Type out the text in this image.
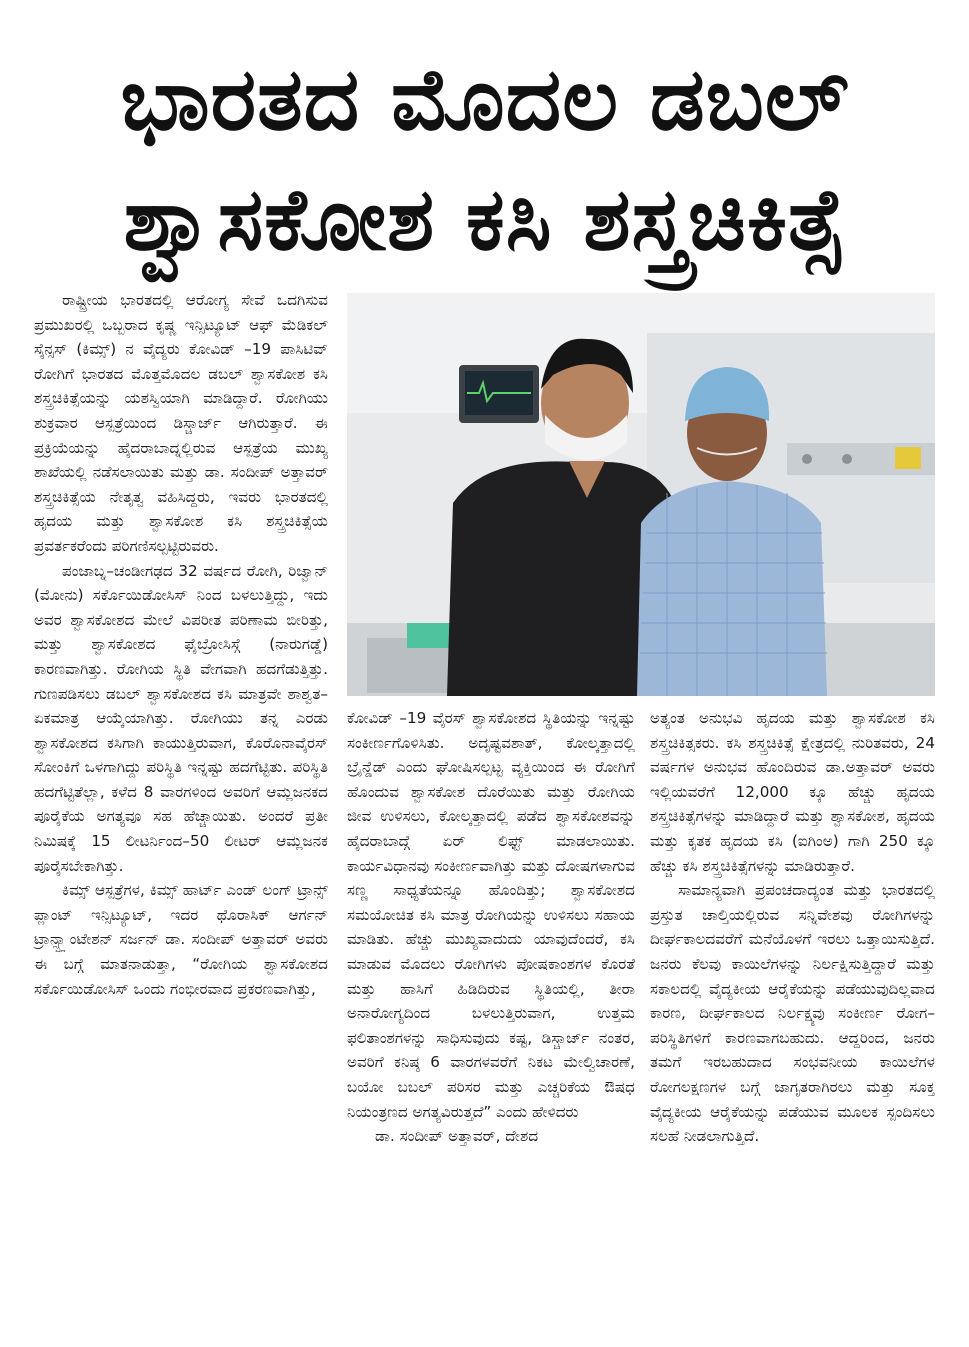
ಭಾರತದ ಮೊದಲ ಡಬಲ್
ಶ್ವಾಸಕೋಶ ಕಸಿ ಶಸ್ತ್ರಚಿಕಿತ್ಸೆ

ರಾಷ್ಟ್ರೀಯ ಭಾರತದಲ್ಲಿ ಆರೋಗ್ಯ ಸೇವೆ ಒದಗಿಸುವ ಪ್ರಮುಖರಲ್ಲಿ ಒಬ್ಬರಾದ ಕೃಷ್ಣ ಇನ್ಸಿಟ್ಯೂಟ್ ಆಫ್ ಮೆಡಿಕಲ್ ಸೈನ್ಸಸ್ (ಕಿಮ್ಸ್) ನ ವೈದ್ಯರು ಕೋವಿಡ್ –19 ಪಾಸಿಟಿವ್ ರೋಗಿಗೆ ಭಾರತದ ಮೊತ್ತಮೊದಲ ಡಬಲ್ ಶ್ವಾಸಕೋಶ ಕಸಿ ಶಸ್ತ್ರಚಿಕಿತ್ಸೆಯನ್ನು ಯಶಸ್ವಿಯಾಗಿ ಮಾಡಿದ್ದಾರೆ. ರೋಗಿಯು ಶುಕ್ರವಾರ ಆಸ್ಪತ್ರೆಯಿಂದ ಡಿಸ್ಚಾರ್ಜ್ ಆಗಿರುತ್ತಾರೆ. ಈ ಪ್ರಕ್ರಿಯೆಯನ್ನು ಹೈದರಾಬಾದ್ನಲ್ಲಿರುವ ಆಸ್ಪತ್ರೆಯ ಮುಖ್ಯ ಶಾಖೆಯಲ್ಲಿ ನಡೆಸಲಾಯಿತು ಮತ್ತು ಡಾ. ಸಂದೀಪ್ ಅತ್ತಾವರ್ ಶಸ್ತ್ರಚಿಕಿತ್ಸೆಯ ನೇತೃತ್ವ ವಹಿಸಿದ್ದರು, ಇವರು ಭಾರತದಲ್ಲಿ ಹೃದಯ ಮತ್ತು ಶ್ವಾಸಕೋಶ ಕಸಿ ಶಸ್ತ್ರಚಿಕಿತ್ಸೆಯ ಪ್ರವರ್ತಕರೆಂದು ಪರಿಗಣಿಸಲ್ಪಟ್ಟಿರುವರು.

ಪಂಜಾಬ್ನ–ಚಂಡೀಗಢದ 32 ವರ್ಷದ ರೋಗಿ, ರಿಜ್ವಾನ್ (ಮೋನು) ಸರ್ಕೊಯಿಡೋಸಿಸ್ ನಿಂದ ಬಳಲುತ್ತಿದ್ದು, ಇದು ಅವರ ಶ್ವಾಸಕೋಶದ ಮೇಲೆ ವಿಪರೀತ ಪರಿಣಾಮ ಬೀರಿತ್ತು, ಮತ್ತು ಶ್ವಾಸಕೋಶದ ಫೈಬ್ರೋಸಿಸ್ಗೆ (ನಾರುಗಡ್ಡೆ) ಕಾರಣವಾಗಿತ್ತು. ರೋಗಿಯ ಸ್ಥಿತಿ ವೇಗವಾಗಿ ಹದಗೆಡುತ್ತಿತ್ತು. ಗುಣಪಡಿಸಲು ಡಬಲ್ ಶ್ವಾಸಕೋಶದ ಕಸಿ ಮಾತ್ರವೇ ಶಾಶ್ವತ–ಏಕಮಾತ್ರ ಆಯ್ಕೆಯಾಗಿತ್ತು. ರೋಗಿಯು ತನ್ನ ಎರಡು ಶ್ವಾಸಕೋಶದ ಕಸಿಗಾಗಿ ಕಾಯುತ್ತಿರುವಾಗ, ಕೊರೊನಾವೈರಸ್ ಸೋಂಕಿಗೆ ಒಳಗಾಗಿದ್ದು ಪರಿಸ್ಥಿತಿ ಇನ್ನಷ್ಟು ಹದಗೆಟ್ಟಿತು. ಪರಿಸ್ಥಿತಿ ಹದಗೆಟ್ಟಿತೆಲ್ಲಾ, ಕಳೆದ 8 ವಾರಗಳಿಂದ ಅವರಿಗೆ ಆಮ್ಲಜನಕದ ಪೂರೈಕೆಯ ಅಗತ್ಯವೂ ಸಹ ಹೆಚ್ಚಾಯಿತು. ಅಂದರೆ ಪ್ರತೀ ನಿಮಿಷಕ್ಕೆ 15 ಲೀಟರ್ನಿಂದ–50 ಲೀಟರ್ ಆಮ್ಲಜನಕ ಪೂರೈಸಬೇಕಾಗಿತ್ತು.

ಕಿಮ್ಸ್ ಆಸ್ಪತ್ರೆಗಳ, ಕಿಮ್ಸ್ ಹಾರ್ಟ್ ಎಂಡ್ ಲಂಗ್ ಟ್ರಾನ್ಸ್ ಪ್ಲಾಂಟ್ ಇನ್ಸಿಟ್ಯೂಟ್, ಇದರ ಥೊರಾಸಿಕ್ ಆರ್ಗನ್ ಟ್ರಾನ್ಸ್ಪ್ಲಾಂಟೇಶನ್ ಸರ್ಜನ್ ಡಾ. ಸಂದೀಪ್ ಅತ್ತಾವರ್ ಅವರು ಈ ಬಗ್ಗೆ ಮಾತನಾಡುತ್ತಾ, “ರೋಗಿಯ ಶ್ವಾಸಕೋಶದ ಸರ್ಕೊಯಿಡೋಸಿಸ್ ಒಂದು ಗಂಭೀರವಾದ ಪ್ರಕರಣವಾಗಿತ್ತು,

ಕೋವಿಡ್ –19 ವೈರಸ್ ಶ್ವಾಸಕೋಶದ ಸ್ಥಿತಿಯನ್ನು ಇನ್ನಷ್ಟು ಸಂಕೀರ್ಣಗೊಳಿಸಿತು. ಅದೃಷ್ಟವಶಾತ್, ಕೋಲ್ಕತ್ತಾದಲ್ಲಿ ಬ್ರೈನ್ಡೆಡ್ ಎಂದು ಘೋಷಿಸಲ್ಪಟ್ಟ ವ್ಯಕ್ತಿಯಿಂದ ಈ ರೋಗಿಗೆ ಹೊಂದುವ ಶ್ವಾಸಕೋಶ ದೊರೆಯಿತು ಮತ್ತು ರೋಗಿಯ ಜೀವ ಉಳಿಸಲು, ಕೋಲ್ಕತ್ತಾದಲ್ಲಿ ಪಡೆದ ಶ್ವಾಸಕೋಶವನ್ನು ಹೈದರಾಬಾದ್ಗೆ ಏರ್ ಲಿಫ್ಟ್ ಮಾಡಲಾಯಿತು. ಕಾರ್ಯವಿಧಾನವು ಸಂಕೀರ್ಣವಾಗಿತ್ತು ಮತ್ತು ದೋಷಗಳಾಗುವ ಸಣ್ಣ ಸಾಧ್ಯತೆಯನ್ನೂ ಹೊಂದಿತ್ತು; ಶ್ವಾಸಕೋಶದ ಸಮಯೋಚಿತ ಕಸಿ ಮಾತ್ರ ರೋಗಿಯನ್ನು ಉಳಿಸಲು ಸಹಾಯ ಮಾಡಿತು. ಹೆಚ್ಚು ಮುಖ್ಯವಾದುದು ಯಾವುದೆಂದರೆ, ಕಸಿ ಮಾಡುವ ಮೊದಲು ರೋಗಿಗಳು ಪೋಷಕಾಂಶಗಳ ಕೊರತೆ ಮತ್ತು ಹಾಸಿಗೆ ಹಿಡಿದಿರುವ ಸ್ಥಿತಿಯಲ್ಲಿ, ತೀರಾ ಅನಾರೋಗ್ಯದಿಂದ ಬಳಲುತ್ತಿರುವಾಗ, ಉತ್ತಮ ಫಲಿತಾಂಶಗಳನ್ನು ಸಾಧಿಸುವುದು ಕಷ್ಟ, ಡಿಸ್ಚಾರ್ಜ್ ನಂತರ, ಅವರಿಗೆ ಕನಿಷ್ಠ 6 ವಾರಗಳವರೆಗೆ ನಿಕಟ ಮೇಲ್ವಿಚಾರಣೆ, ಬಯೋ ಬಬಲ್ ಪರಿಸರ ಮತ್ತು ಎಚ್ಚರಿಕೆಯ ಔಷಧ ನಿಯಂತ್ರಣದ ಅಗತ್ಯವಿರುತ್ತದೆ” ಎಂದು ಹೇಳಿದರು

ಡಾ. ಸಂದೀಪ್ ಅತ್ತಾವರ್, ದೇಶದ

ಅತ್ಯಂತ ಅನುಭವಿ ಹೃದಯ ಮತ್ತು ಶ್ವಾಸಕೋಶ ಕಸಿ ಶಸ್ತ್ರಚಿಕಿತ್ಸಕರು. ಕಸಿ ಶಸ್ತ್ರಚಿಕಿತ್ಸೆ ಕ್ಷೇತ್ರದಲ್ಲಿ ನುರಿತವರು, 24 ವರ್ಷಗಳ ಅನುಭವ ಹೊಂದಿರುವ ಡಾ.ಅತ್ತಾವರ್ ಅವರು ಇಲ್ಲಿಯವರೆಗೆ 12,000 ಕ್ಕೂ ಹೆಚ್ಚು ಹೃದಯ ಶಸ್ತ್ರಚಿಕಿತ್ಸೆಗಳನ್ನು ಮಾಡಿದ್ದಾರೆ ಮತ್ತು ಶ್ವಾಸಕೋಶ, ಹೃದಯ ಮತ್ತು ಕೃತಕ ಹೃದಯ ಕಸಿ (ಐಗಿಂಅ) ಗಾಗಿ 250 ಕ್ಕೂ ಹೆಚ್ಚು ಕಸಿ ಶಸ್ತ್ರಚಿಕಿತ್ಸೆಗಳನ್ನು ಮಾಡಿರುತ್ತಾರೆ.

ಸಾಮಾನ್ಯವಾಗಿ ಪ್ರಪಂಚದಾದ್ಯಂತ ಮತ್ತು ಭಾರತದಲ್ಲಿ ಪ್ರಸ್ತುತ ಚಾಲ್ತಿಯಲ್ಲಿರುವ ಸನ್ನಿವೇಶವು ರೋಗಿಗಳನ್ನು ದೀರ್ಘಕಾಲದವರೆಗೆ ಮನೆಯೊಳಗೆ ಇರಲು ಒತ್ತಾಯಿಸುತ್ತಿದೆ. ಜನರು ಕೆಲವು ಕಾಯಿಲೆಗಳನ್ನು ನಿರ್ಲಕ್ಷಿಸುತ್ತಿದ್ದಾರೆ ಮತ್ತು ಸಕಾಲದಲ್ಲಿ ವೈದ್ಯಕೀಯ ಆರೈಕೆಯನ್ನು ಪಡೆಯುವುದಿಲ್ಲವಾದ ಕಾರಣ, ದೀರ್ಘಕಾಲದ ನಿರ್ಲಕ್ಷ್ಯವು ಸಂಕೀರ್ಣ ರೋಗ–ಪರಿಸ್ಥಿತಿಗಳಿಗೆ ಕಾರಣವಾಗಬಹುದು. ಆದ್ದರಿಂದ, ಜನರು ತಮಗೆ ಇರಬಹುದಾದ ಸಂಭವನೀಯ ಕಾಯಿಲೆಗಳ ರೋಗಲಕ್ಷಣಗಳ ಬಗ್ಗೆ ಜಾಗೃತರಾಗಿರಲು ಮತ್ತು ಸೂಕ್ತ ವೈದ್ಯಕೀಯ ಆರೈಕೆಯನ್ನು ಪಡೆಯುವ ಮೂಲಕ ಸ್ಪಂದಿಸಲು ಸಲಹೆ ನೀಡಲಾಗುತ್ತಿದೆ.
